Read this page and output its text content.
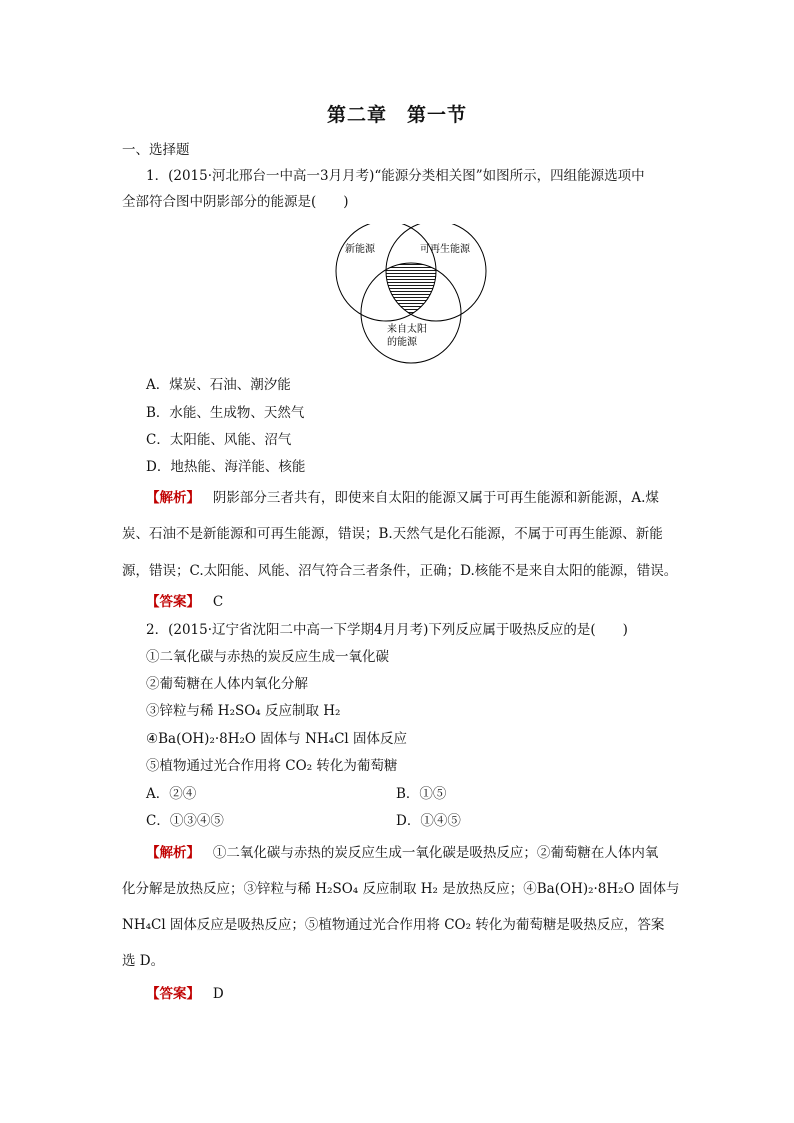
第二章　第一节
一、选择题
1．(2015·河北邢台一中高一3月月考)“能源分类相关图”如图所示，四组能源选项中
全部符合图中阴影部分的能源是(　　)
新能源	可再生能源
来自太阳
的能源
A．煤炭、石油、潮汐能
B．水能、生成物、天然气
C．太阳能、风能、沼气
D．地热能、海洋能、核能
【解析】 阴影部分三者共有，即使来自太阳的能源又属于可再生能源和新能源，A.煤
炭、石油不是新能源和可再生能源，错误；B.天然气是化石能源，不属于可再生能源、新能
源，错误；C.太阳能、风能、沼气符合三者条件，正确；D.核能不是来自太阳的能源，错误。
【答案】 C
2．(2015·辽宁省沈阳二中高一下学期4月月考)下列反应属于吸热反应的是(　　)
①二氧化碳与赤热的炭反应生成一氧化碳
②葡萄糖在人体内氧化分解
③锌粒与稀 H₂SO₄ 反应制取 H₂
④Ba(OH)₂·8H₂O 固体与 NH₄Cl 固体反应
⑤植物通过光合作用将 CO₂ 转化为葡萄糖
A．②④	B．①⑤
C．①③④⑤	D．①④⑤
【解析】 ①二氧化碳与赤热的炭反应生成一氧化碳是吸热反应；②葡萄糖在人体内氧
化分解是放热反应；③锌粒与稀 H₂SO₄ 反应制取 H₂ 是放热反应；④Ba(OH)₂·8H₂O 固体与
NH₄Cl 固体反应是吸热反应；⑤植物通过光合作用将 CO₂ 转化为葡萄糖是吸热反应，答案
选 D。
【答案】 D
